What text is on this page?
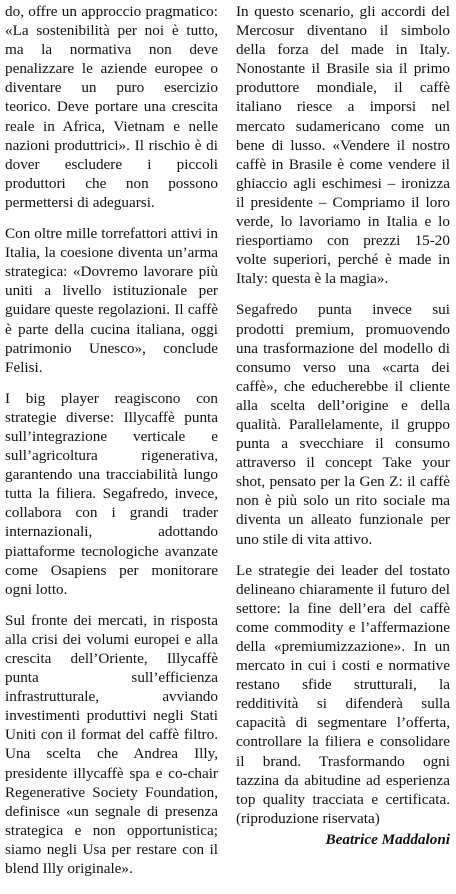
do, offre un approccio pragmatico: «La sostenibilità per noi è tutto, ma la normativa non deve penalizzare le aziende europee o diventare un puro esercizio teorico. Deve portare una crescita reale in Africa, Vietnam e nelle nazioni produttrici». Il rischio è di dover escludere i piccoli produttori che non possono permettersi di adeguarsi.

Con oltre mille torrefattori attivi in Italia, la coesione diventa un’arma strategica: «Dovremo lavorare più uniti a livello istituzionale per guidare queste regolazioni. Il caffè è parte della cucina italiana, oggi patrimonio Unesco», conclude Felisi.

I big player reagiscono con strategie diverse: Illycaffè punta sull’integrazione verticale e sull’agricoltura rigenerativa, garantendo una tracciabilità lungo tutta la filiera. Segafredo, invece, collabora con i grandi trader internazionali, adottando piattaforme tecnologiche avanzate come Osapiens per monitorare ogni lotto.

Sul fronte dei mercati, in risposta alla crisi dei volumi europei e alla crescita dell’Oriente, Illycaffè punta sull’efficienza infrastrutturale, avviando investimenti produttivi negli Stati Uniti con il format del caffè filtro. Una scelta che Andrea Illy, presidente illycaffè spa e co-chair Regenerative Society Foundation, definisce «un segnale di presenza strategica e non opportunistica; siamo negli Usa per restare con il blend Illy originale».

In questo scenario, gli accordi del Mercosur diventano il simbolo della forza del made in Italy. Nonostante il Brasile sia il primo produttore mondiale, il caffè italiano riesce a imporsi nel mercato sudamericano come un bene di lusso. «Vendere il nostro caffè in Brasile è come vendere il ghiaccio agli eschimesi – ironizza il presidente – Compriamo il loro verde, lo lavoriamo in Italia e lo riesportiamo con prezzi 15-20 volte superiori, perché è made in Italy: questa è la magia».

Segafredo punta invece sui prodotti premium, promuovendo una trasformazione del modello di consumo verso una «carta dei caffè», che educherebbe il cliente alla scelta dell’origine e della qualità. Parallelamente, il gruppo punta a svecchiare il consumo attraverso il concept Take your shot, pensato per la Gen Z: il caffè non è più solo un rito sociale ma diventa un alleato funzionale per uno stile di vita attivo.

Le strategie dei leader del tostato delineano chiaramente il futuro del settore: la fine dell’era del caffè come commodity e l’affermazione della «premiumizzazione». In un mercato in cui i costi e normative restano sfide strutturali, la redditività si difenderà sulla capacità di segmentare l’offerta, controllare la filiera e consolidare il brand. Trasformando ogni tazzina da abitudine ad esperienza top quality tracciata e certificata. (riproduzione riservata)

Beatrice Maddaloni
